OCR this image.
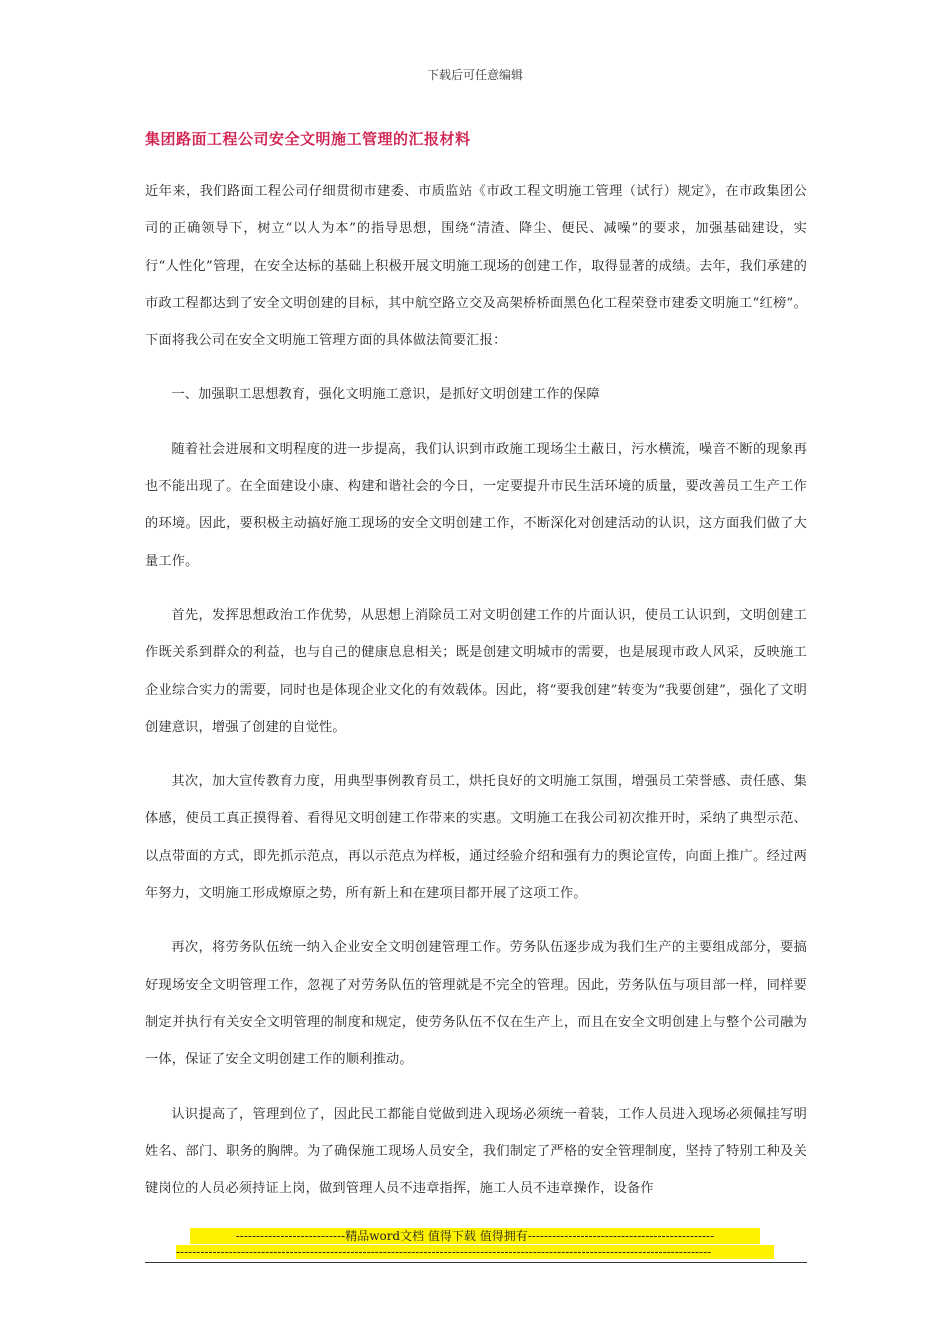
下载后可任意编辑
集团路面工程公司安全文明施工管理的汇报材料

近年来，我们路面工程公司仔细贯彻市建委、市质监站《市政工程文明施工管理（试行）规定》，在市政集团公司的正确领导下，树立“以人为本”的指导思想，围绕“清渣、降尘、便民、减噪”的要求，加强基础建设，实行“人性化”管理，在安全达标的基础上积极开展文明施工现场的创建工作，取得显著的成绩。去年，我们承建的市政工程都达到了安全文明创建的目标，其中航空路立交及高架桥桥面黑色化工程荣登市建委文明施工“红榜”。下面将我公司在安全文明施工管理方面的具体做法简要汇报：

一、加强职工思想教育，强化文明施工意识，是抓好文明创建工作的保障

随着社会进展和文明程度的进一步提高，我们认识到市政施工现场尘土蔽日，污水横流，噪音不断的现象再也不能出现了。在全面建设小康、构建和谐社会的今日，一定要提升市民生活环境的质量，要改善员工生产工作的环境。因此，要积极主动搞好施工现场的安全文明创建工作，不断深化对创建活动的认识，这方面我们做了大量工作。

首先，发挥思想政治工作优势，从思想上消除员工对文明创建工作的片面认识，使员工认识到，文明创建工作既关系到群众的利益，也与自己的健康息息相关；既是创建文明城市的需要，也是展现市政人风采，反映施工企业综合实力的需要，同时也是体现企业文化的有效载体。因此，将“要我创建”转变为“我要创建”，强化了文明创建意识，增强了创建的自觉性。

其次，加大宣传教育力度，用典型事例教育员工，烘托良好的文明施工氛围，增强员工荣誉感、责任感、集体感，使员工真正摸得着、看得见文明创建工作带来的实惠。文明施工在我公司初次推开时，采纳了典型示范、以点带面的方式，即先抓示范点，再以示范点为样板，通过经验介绍和强有力的舆论宣传，向面上推广。经过两年努力，文明施工形成燎原之势，所有新上和在建项目都开展了这项工作。

再次，将劳务队伍统一纳入企业安全文明创建管理工作。劳务队伍逐步成为我们生产的主要组成部分，要搞好现场安全文明管理工作，忽视了对劳务队伍的管理就是不完全的管理。因此，劳务队伍与项目部一样，同样要制定并执行有关安全文明管理的制度和规定，使劳务队伍不仅在生产上，而且在安全文明创建上与整个公司融为一体，保证了安全文明创建工作的顺利推动。

认识提高了，管理到位了，因此民工都能自觉做到进入现场必须统一着装，工作人员进入现场必须佩挂写明姓名、部门、职务的胸牌。为了确保施工现场人员安全，我们制定了严格的安全管理制度，坚持了特别工种及关键岗位的人员必须持证上岗，做到管理人员不违章指挥，施工人员不违章操作，设备作

---------------------------精品word文档 值得下载 值得拥有----------------------------------------------
------------------------------------------------------------------------------------------------------------------------------------
